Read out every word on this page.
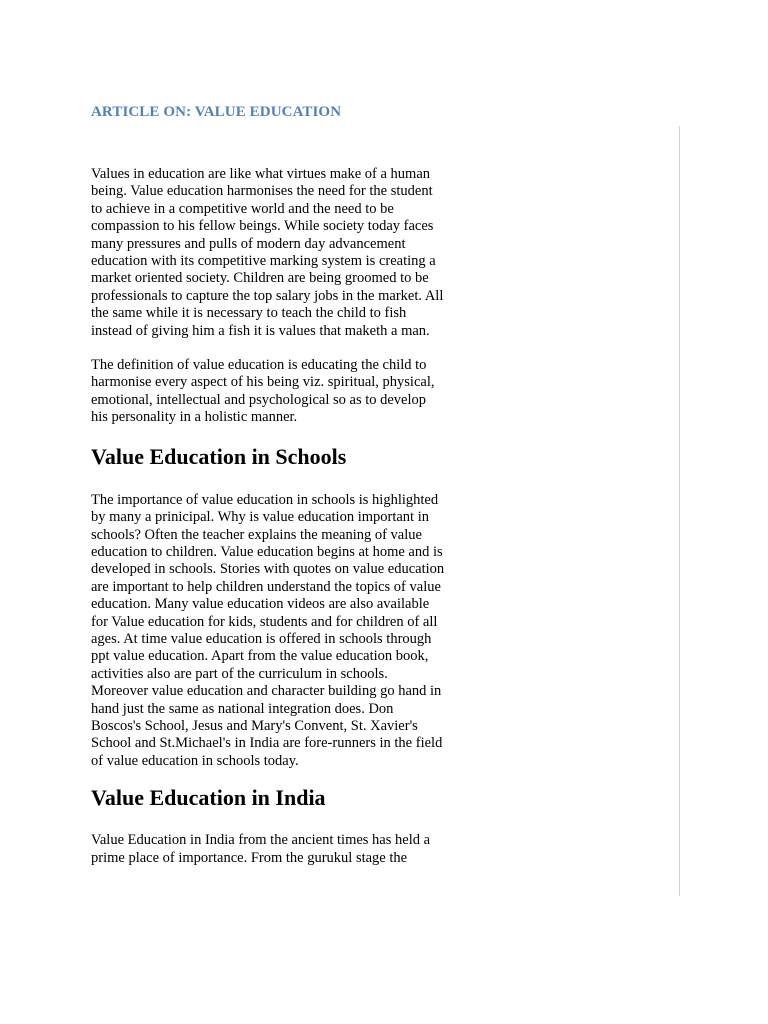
ARTICLE ON: VALUE EDUCATION

Values in education are like what virtues make of a human being. Value education harmonises the need for the student to achieve in a competitive world and the need to be compassion to his fellow beings. While society today faces many pressures and pulls of modern day advancement education with its competitive marking system is creating a market oriented society. Children are being groomed to be professionals to capture the top salary jobs in the market. All the same while it is necessary to teach the child to fish instead of giving him a fish it is values that maketh a man.

The definition of value education is educating the child to harmonise every aspect of his being viz. spiritual, physical, emotional, intellectual and psychological so as to develop his personality in a holistic manner.

Value Education in Schools

The importance of value education in schools is highlighted by many a prinicipal. Why is value education important in schools? Often the teacher explains the meaning of value education to children. Value education begins at home and is developed in schools. Stories with quotes on value education are important to help children understand the topics of value education. Many value education videos are also available for Value education for kids, students and for children of all ages. At time value education is offered in schools through ppt value education. Apart from the value education book, activities also are part of the curriculum in schools. Moreover value education and character building go hand in hand just the same as national integration does. Don Boscos's School, Jesus and Mary's Convent, St. Xavier's School and St.Michael's in India are fore-runners in the field of value education in schools today.

Value Education in India

Value Education in India from the ancient times has held a prime place of importance. From the gurukul stage the
